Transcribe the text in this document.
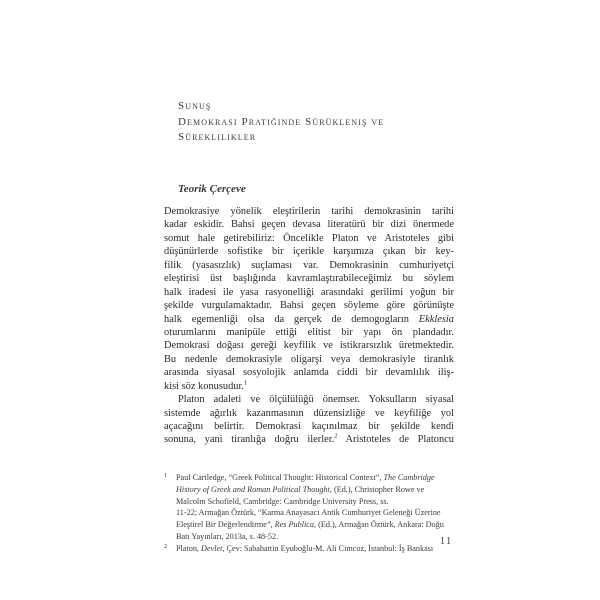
Sunuş
Demokrasi Pratiğinde Sürükleniş ve
Süreklilikler
Teorik Çerçeve
Demokrasiye yönelik eleştirilerin tarihi demokrasinin tarihi
kadar eskidir. Bahsi geçen devasa literatürü bir dizi önermede
somut hale getirebiliriz: Öncelikle Platon ve Aristoteles gibi
düşünürlerde sofistike bir içerikle karşımıza çıkan bir key-
filik (yasasızlık) suçlaması var. Demokrasinin cumhuriyetçi
eleştirisi üst başlığında kavramlaştırabileceğimiz bu söylem
halk iradesi ile yasa rasyonelliği arasındaki gerilimi yoğun bir
şekilde vurgulamaktadır. Bahsi geçen söyleme göre görünüşte
halk egemenliği olsa da gerçek de demogogların Ekklesia
oturumlarını manipüle ettiği elitist bir yapı ön plandadır.
Demokrasi doğası gereği keyfilik ve istikrarsızlık üretmektedir.
Bu nedenle demokrasiyle oligarşi veya demokrasiyle tiranlık
arasında siyasal sosyolojik anlamda ciddi bir devamlılık iliş-
kisi söz konusudur.$^1$
Platon adaleti ve ölçülülüğü önemser. Yoksulların siyasal
sistemde ağırlık kazanmasının düzensizliğe ve keyfiliğe yol
açacağını belirtir. Demokrasi kaçınılmaz bir şekilde kendi
sonuna, yani tiranlığa doğru ilerler.$^2$ Aristoteles de Platoncu
1 Paul Cartledge, “Greek Political Thought: Historical Context”, The Cambridge
History of Greek and Roman Political Thought, (Ed.), Christopher Rowe ve
Malcolm Schofield, Cambridge: Cambridge University Press, ss.
11-22; Armağan Öztürk, “Karma Anayasacı Antik Cumhuriyet Geleneği Üzerine
Eleştirel Bir Değerlendirme”, Res Publica, (Ed.), Armağan Öztürk, Ankara: Doğu
Batı Yayınları, 2013a, s. 48-52.
2 Platon, Devlet, Çev: Sabahattin Eyuboğlu-M. Ali Cimcoz, İstanbul: İş Bankası
11
